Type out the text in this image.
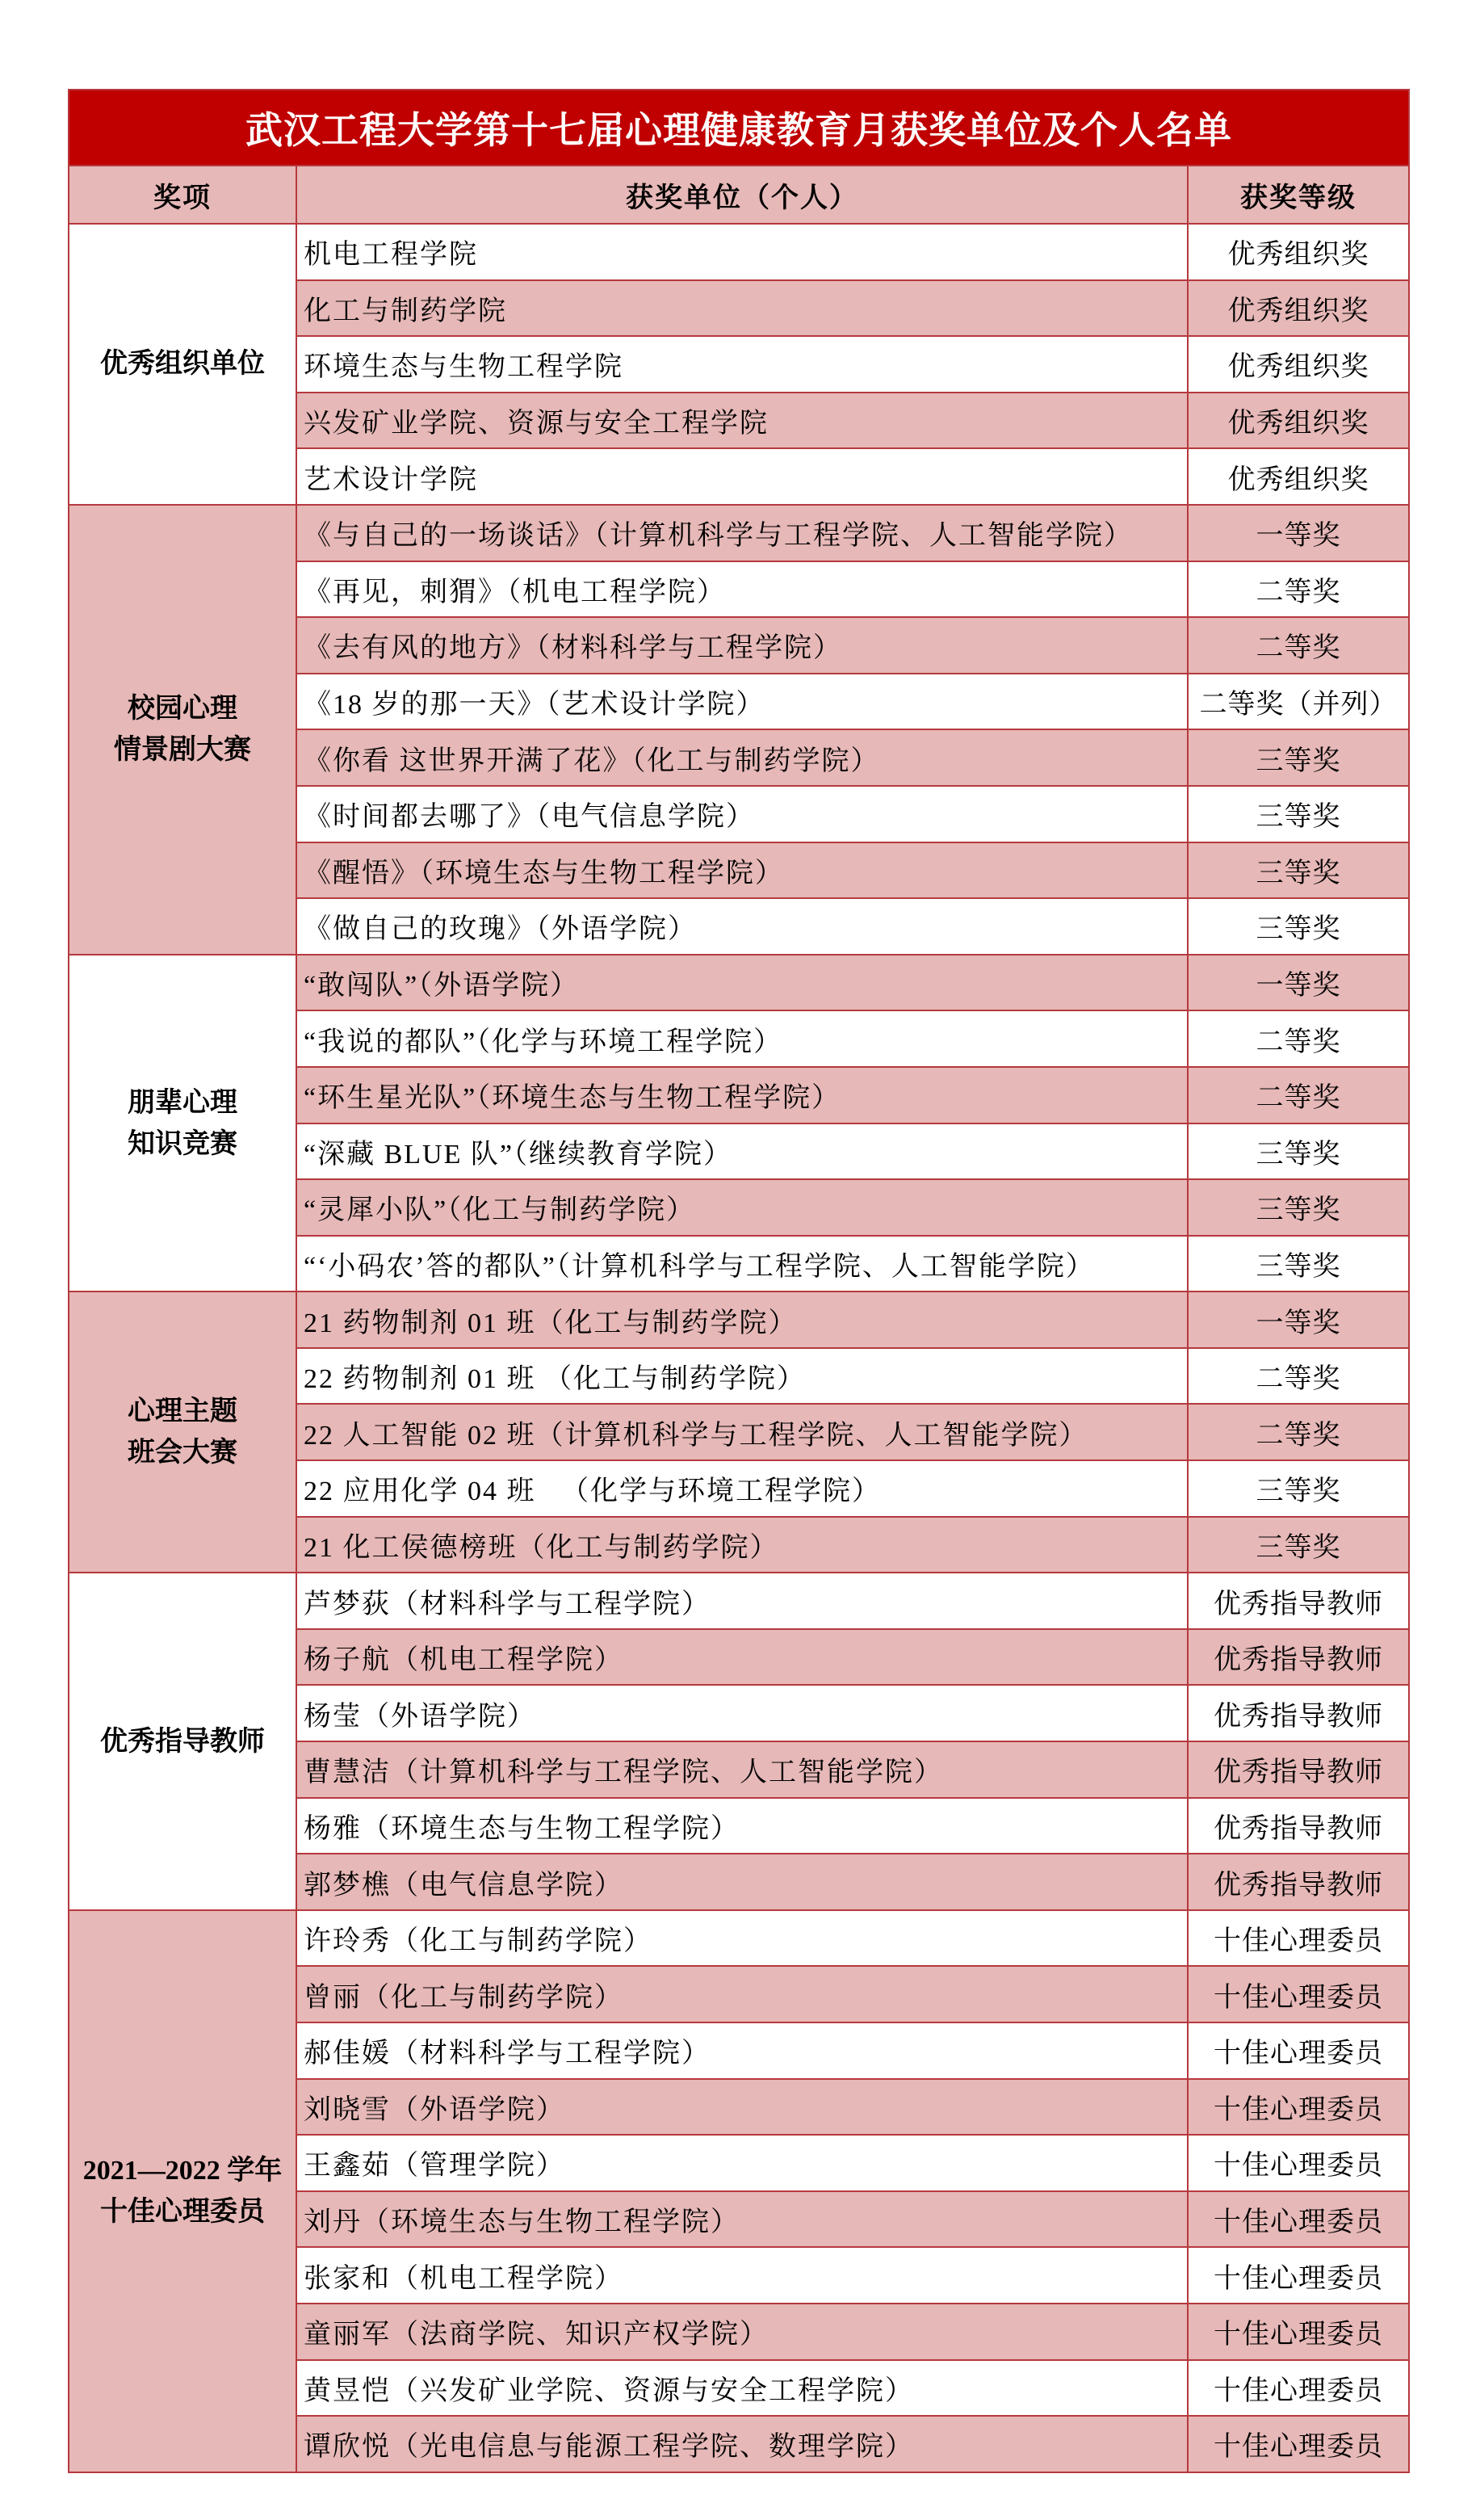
武汉工程大学第十七届心理健康教育月获奖单位及个人名单		
奖项	获奖单位（个人）	获奖等级

优秀组织单位	机电工程学院	优秀组织奖
	化工与制药学院	优秀组织奖
	环境生态与生物工程学院	优秀组织奖
	兴发矿业学院、资源与安全工程学院	优秀组织奖
	艺术设计学院	优秀组织奖

校园心理
情景剧大赛	《与自己的一场谈话》（计算机科学与工程学院、人工智能学院）	一等奖
	《再见，刺猬》（机电工程学院）	二等奖
	《去有风的地方》（材料科学与工程学院）	二等奖
	《18 岁的那一天》（艺术设计学院）	二等奖（并列）
	《你看 这世界开满了花》（化工与制药学院）	三等奖
	《时间都去哪了》（电气信息学院）	三等奖
	《醒悟》（环境生态与生物工程学院）	三等奖
	《做自己的玫瑰》（外语学院）	三等奖

朋辈心理
知识竞赛	“敢闯队”（外语学院）	一等奖
	“我说的都队”（化学与环境工程学院）	二等奖
	“环生星光队”（环境生态与生物工程学院）	二等奖
	“深藏 BLUE 队”（继续教育学院）	三等奖
	“灵犀小队”（化工与制药学院）	三等奖
	“‘小码农’答的都队”（计算机科学与工程学院、人工智能学院）	三等奖

心理主题
班会大赛	21 药物制剂 01 班（化工与制药学院）	一等奖
	22 药物制剂 01 班 （化工与制药学院）	二等奖
	22 人工智能 02 班（计算机科学与工程学院、人工智能学院）	二等奖
	22 应用化学 04 班   （化学与环境工程学院）	三等奖
	21 化工侯德榜班（化工与制药学院）	三等奖

优秀指导教师	芦梦荻（材料科学与工程学院）	优秀指导教师
	杨子航（机电工程学院）	优秀指导教师
	杨莹（外语学院）	优秀指导教师
	曹慧洁（计算机科学与工程学院、人工智能学院）	优秀指导教师
	杨雅（环境生态与生物工程学院）	优秀指导教师
	郭梦樵（电气信息学院）	优秀指导教师

2021—2022 学年
十佳心理委员	许玲秀（化工与制药学院）	十佳心理委员
	曾丽（化工与制药学院）	十佳心理委员
	郝佳媛（材料科学与工程学院）	十佳心理委员
	刘晓雪（外语学院）	十佳心理委员
	王鑫茹（管理学院）	十佳心理委员
	刘丹（环境生态与生物工程学院）	十佳心理委员
	张家和（机电工程学院）	十佳心理委员
	童丽军（法商学院、知识产权学院）	十佳心理委员
	黄昱恺（兴发矿业学院、资源与安全工程学院）	十佳心理委员
	谭欣悦（光电信息与能源工程学院、数理学院）	十佳心理委员
